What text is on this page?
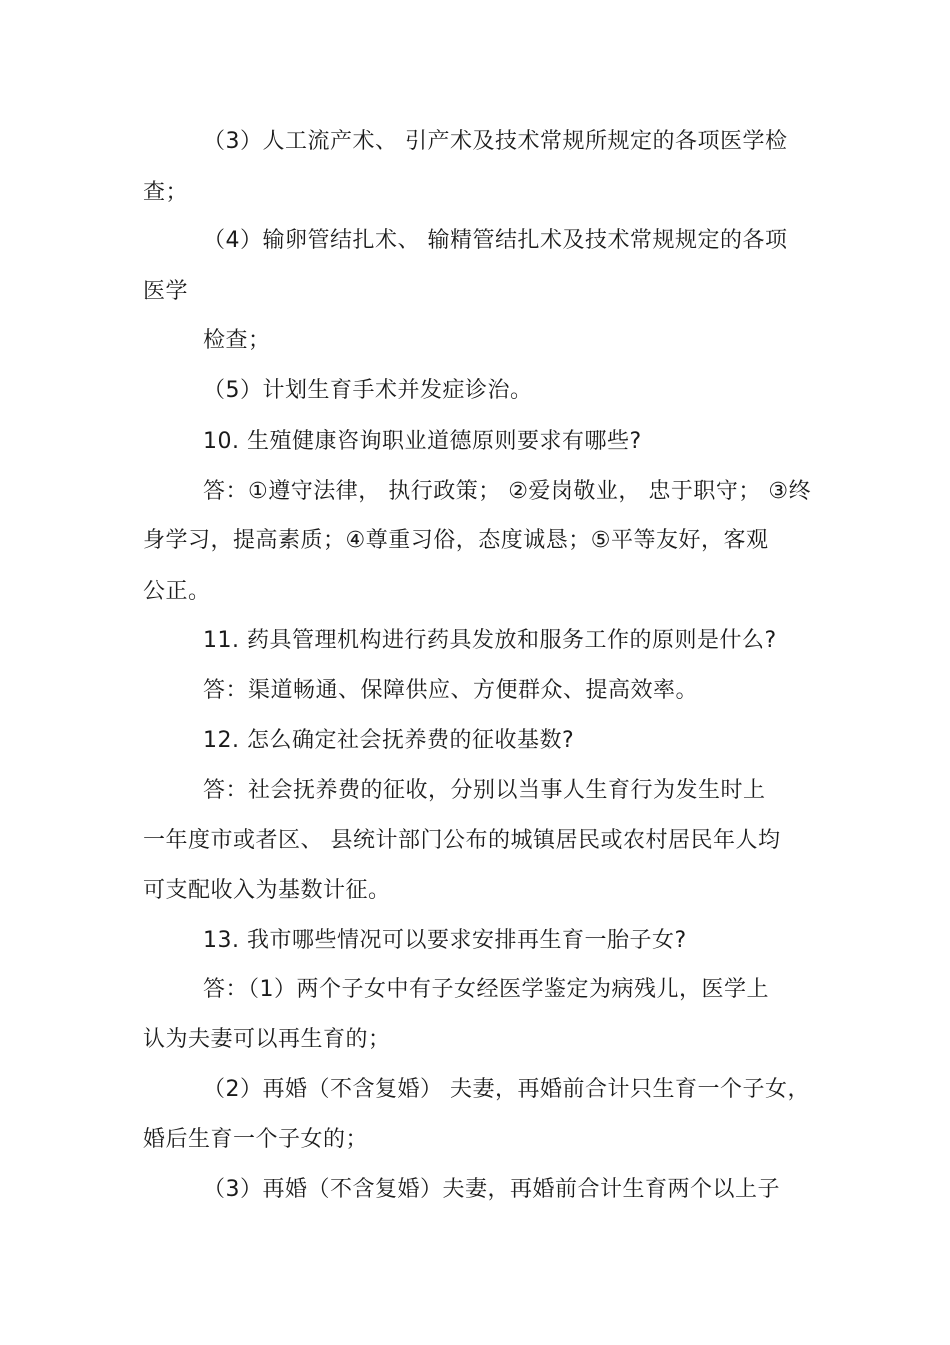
（3）人工流产术、 引产术及技术常规所规定的各项医学检
查；
（4）输卵管结扎术、 输精管结扎术及技术常规规定的各项
医学
检查；
（5）计划生育手术并发症诊治。
10. 生殖健康咨询职业道德原则要求有哪些?
答：①遵守法律， 执行政策； ②爱岗敬业， 忠于职守； ③终
身学习，提高素质；④尊重习俗，态度诚恳；⑤平等友好，客观
公正。
11. 药具管理机构进行药具发放和服务工作的原则是什么?
答：渠道畅通、保障供应、方便群众、提高效率。
12. 怎么确定社会抚养费的征收基数?
答：社会抚养费的征收，分别以当事人生育行为发生时上
一年度市或者区、 县统计部门公布的城镇居民或农村居民年人均
可支配收入为基数计征。
13. 我市哪些情况可以要求安排再生育一胎子女?
答：（1）两个子女中有子女经医学鉴定为病残儿，医学上
认为夫妻可以再生育的；
（2）再婚（不含复婚） 夫妻，再婚前合计只生育一个子女，
婚后生育一个子女的；
（3）再婚（不含复婚）夫妻，再婚前合计生育两个以上子
